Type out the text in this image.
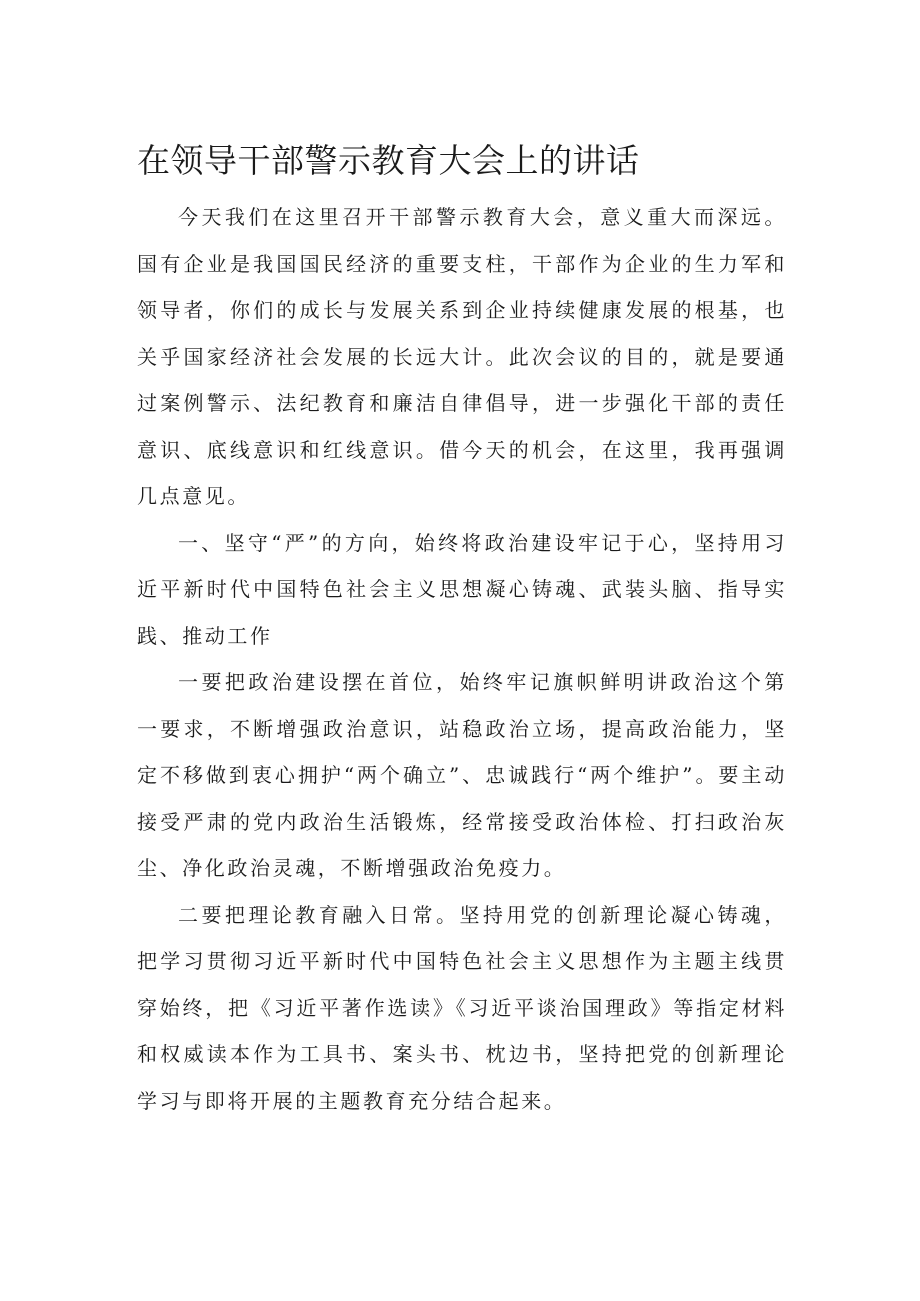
在领导干部警示教育大会上的讲话

今天我们在这里召开干部警示教育大会，意义重大而深远。国有企业是我国国民经济的重要支柱，干部作为企业的生力军和领导者，你们的成长与发展关系到企业持续健康发展的根基，也关乎国家经济社会发展的长远大计。此次会议的目的，就是要通过案例警示、法纪教育和廉洁自律倡导，进一步强化干部的责任意识、底线意识和红线意识。借今天的机会，在这里，我再强调几点意见。

一、坚守“严”的方向，始终将政治建设牢记于心，坚持用习近平新时代中国特色社会主义思想凝心铸魂、武装头脑、指导实践、推动工作

一要把政治建设摆在首位，始终牢记旗帜鲜明讲政治这个第一要求，不断增强政治意识，站稳政治立场，提高政治能力，坚定不移做到衷心拥护“两个确立”、忠诚践行“两个维护”。要主动接受严肃的党内政治生活锻炼，经常接受政治体检、打扫政治灰尘、净化政治灵魂，不断增强政治免疫力。

二要把理论教育融入日常。坚持用党的创新理论凝心铸魂，把学习贯彻习近平新时代中国特色社会主义思想作为主题主线贯穿始终，把《习近平著作选读》《习近平谈治国理政》等指定材料和权威读本作为工具书、案头书、枕边书，坚持把党的创新理论学习与即将开展的主题教育充分结合起来。
